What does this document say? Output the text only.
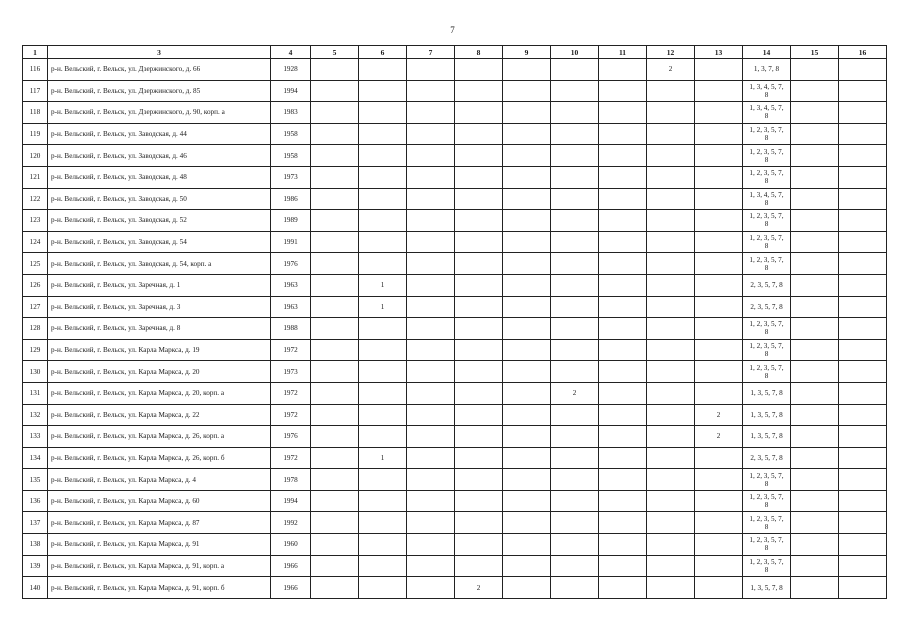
7
1	3	4	5	6	7	8	9	10	11	12	13	14	15	16
116	р-н. Вельский, г. Вельск, ул. Дзержинского, д. 66	1928								2		1, 3, 7, 8		
117	р-н. Вельский, г. Вельск, ул. Дзержинского, д. 85	1994										1, 3, 4, 5, 7, 8		
118	р-н. Вельский, г. Вельск, ул. Дзержинского, д. 90, корп. а	1983										1, 3, 4, 5, 7, 8		
119	р-н. Вельский, г. Вельск, ул. Заводская, д. 44	1958										1, 2, 3, 5, 7, 8		
120	р-н. Вельский, г. Вельск, ул. Заводская, д. 46	1958										1, 2, 3, 5, 7, 8		
121	р-н. Вельский, г. Вельск, ул. Заводская, д. 48	1973										1, 2, 3, 5, 7, 8		
122	р-н. Вельский, г. Вельск, ул. Заводская, д. 50	1986										1, 3, 4, 5, 7, 8		
123	р-н. Вельский, г. Вельск, ул. Заводская, д. 52	1989										1, 2, 3, 5, 7, 8		
124	р-н. Вельский, г. Вельск, ул. Заводская, д. 54	1991										1, 2, 3, 5, 7, 8		
125	р-н. Вельский, г. Вельск, ул. Заводская, д. 54, корп. а	1976										1, 2, 3, 5, 7, 8		
126	р-н. Вельский, г. Вельск, ул. Заречная, д. 1	1963		1								2, 3, 5, 7, 8		
127	р-н. Вельский, г. Вельск, ул. Заречная, д. 3	1963		1								2, 3, 5, 7, 8		
128	р-н. Вельский, г. Вельск, ул. Заречная, д. 8	1988										1, 2, 3, 5, 7, 8		
129	р-н. Вельский, г. Вельск, ул. Карла Маркса, д. 19	1972										1, 2, 3, 5, 7, 8		
130	р-н. Вельский, г. Вельск, ул. Карла Маркса, д. 20	1973										1, 2, 3, 5, 7, 8		
131	р-н. Вельский, г. Вельск, ул. Карла Маркса, д. 20, корп. а	1972						2				1, 3, 5, 7, 8		
132	р-н. Вельский, г. Вельск, ул. Карла Маркса, д. 22	1972									2	1, 3, 5, 7, 8		
133	р-н. Вельский, г. Вельск, ул. Карла Маркса, д. 26, корп. а	1976									2	1, 3, 5, 7, 8		
134	р-н. Вельский, г. Вельск, ул. Карла Маркса, д. 26, корп. б	1972		1								2, 3, 5, 7, 8		
135	р-н. Вельский, г. Вельск, ул. Карла Маркса, д. 4	1978										1, 2, 3, 5, 7, 8		
136	р-н. Вельский, г. Вельск, ул. Карла Маркса, д. 60	1994										1, 2, 3, 5, 7, 8		
137	р-н. Вельский, г. Вельск, ул. Карла Маркса, д. 87	1992										1, 2, 3, 5, 7, 8		
138	р-н. Вельский, г. Вельск, ул. Карла Маркса, д. 91	1960										1, 2, 3, 5, 7, 8		
139	р-н. Вельский, г. Вельск, ул. Карла Маркса, д. 91, корп. а	1966										1, 2, 3, 5, 7, 8		
140	р-н. Вельский, г. Вельск, ул. Карла Маркса, д. 91, корп. б	1966				2						1, 3, 5, 7, 8		
